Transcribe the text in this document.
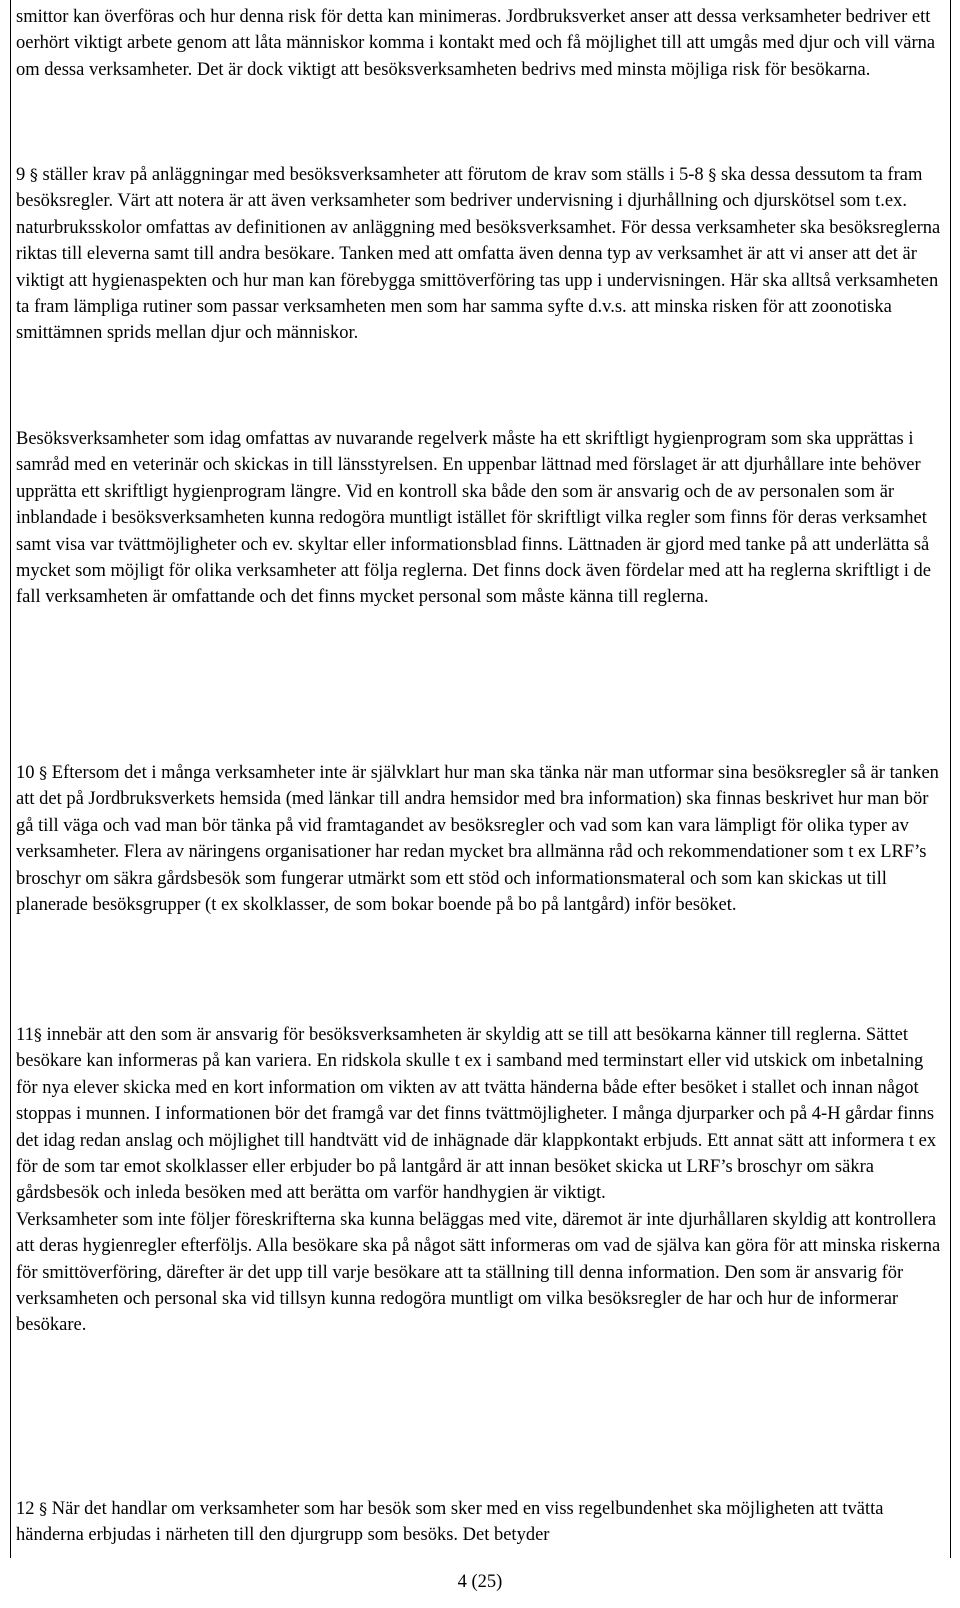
smittor kan överföras och hur denna risk för detta kan minimeras. Jordbruksverket anser att dessa verksamheter bedriver ett oerhört viktigt arbete genom att låta människor komma i kontakt med och få möjlighet till att umgås med djur och vill värna om dessa verksamheter. Det är dock viktigt att besöksverksamheten bedrivs med minsta möjliga risk för besökarna.

9 § ställer krav på anläggningar med besöksverksamheter att förutom de krav som ställs i 5-8 § ska dessa dessutom ta fram besöksregler. Värt att notera är att även verksamheter som bedriver undervisning i djurhållning och djurskötsel som t.ex. naturbruksskolor omfattas av definitionen av anläggning med besöksverksamhet. För dessa verksamheter ska besöksreglerna riktas till eleverna samt till andra besökare. Tanken med att omfatta även denna typ av verksamhet är att vi anser att det är viktigt att hygienaspekten och hur man kan förebygga smittöverföring tas upp i undervisningen. Här ska alltså verksamheten ta fram lämpliga rutiner som passar verksamheten men som har samma syfte d.v.s. att minska risken för att zoonotiska smittämnen sprids mellan djur och människor.

Besöksverksamheter som idag omfattas av nuvarande regelverk måste ha ett skriftligt hygienprogram som ska upprättas i samråd med en veterinär och skickas in till länsstyrelsen. En uppenbar lättnad med förslaget är att djurhållare inte behöver upprätta ett skriftligt hygienprogram längre. Vid en kontroll ska både den som är ansvarig och de av personalen som är inblandade i besöksverksamheten kunna redogöra muntligt istället för skriftligt vilka regler som finns för deras verksamhet samt visa var tvättmöjligheter och ev. skyltar eller informationsblad finns. Lättnaden är gjord med tanke på att underlätta så mycket som möjligt för olika verksamheter att följa reglerna. Det finns dock även fördelar med att ha reglerna skriftligt i de fall verksamheten är omfattande och det finns mycket personal som måste känna till reglerna.

10 § Eftersom det i många verksamheter inte är självklart hur man ska tänka när man utformar sina besöksregler så är tanken att det på Jordbruksverkets hemsida (med länkar till andra hemsidor med bra information) ska finnas beskrivet hur man bör gå till väga och vad man bör tänka på vid framtagandet av besöksregler och vad som kan vara lämpligt för olika typer av verksamheter. Flera av näringens organisationer har redan mycket bra allmänna råd och rekommendationer som t ex LRF’s broschyr om säkra gårdsbesök som fungerar utmärkt som ett stöd och informationsmateral och som kan skickas ut till planerade besöksgrupper (t ex skolklasser, de som bokar boende på bo på lantgård) inför besöket.

11§ innebär att den som är ansvarig för besöksverksamheten är skyldig att se till att besökarna känner till reglerna. Sättet besökare kan informeras på kan variera. En ridskola skulle t ex i samband med terminstart eller vid utskick om inbetalning för nya elever skicka med en kort information om vikten av att tvätta händerna både efter besöket i stallet och innan något stoppas i munnen. I informationen bör det framgå var det finns tvättmöjligheter. I många djurparker och på 4-H gårdar finns det idag redan anslag och möjlighet till handtvätt vid de inhägnade där klappkontakt erbjuds. Ett annat sätt att informera t ex för de som tar emot skolklasser eller erbjuder bo på lantgård är att innan besöket skicka ut LRF’s broschyr om säkra gårdsbesök och inleda besöken med att berätta om varför handhygien är viktigt.

Verksamheter som inte följer föreskrifterna ska kunna beläggas med vite, däremot är inte djurhållaren skyldig att kontrollera att deras hygienregler efterföljs. Alla besökare ska på något sätt informeras om vad de själva kan göra för att minska riskerna för smittöverföring, därefter är det upp till varje besökare att ta ställning till denna information. Den som är ansvarig för verksamheten och personal ska vid tillsyn kunna redogöra muntligt om vilka besöksregler de har och hur de informerar besökare.

12 § När det handlar om verksamheter som har besök som sker med en viss regelbundenhet ska möjligheten att tvätta händerna erbjudas i närheten till den djurgrupp som besöks. Det betyder

4 (25)
